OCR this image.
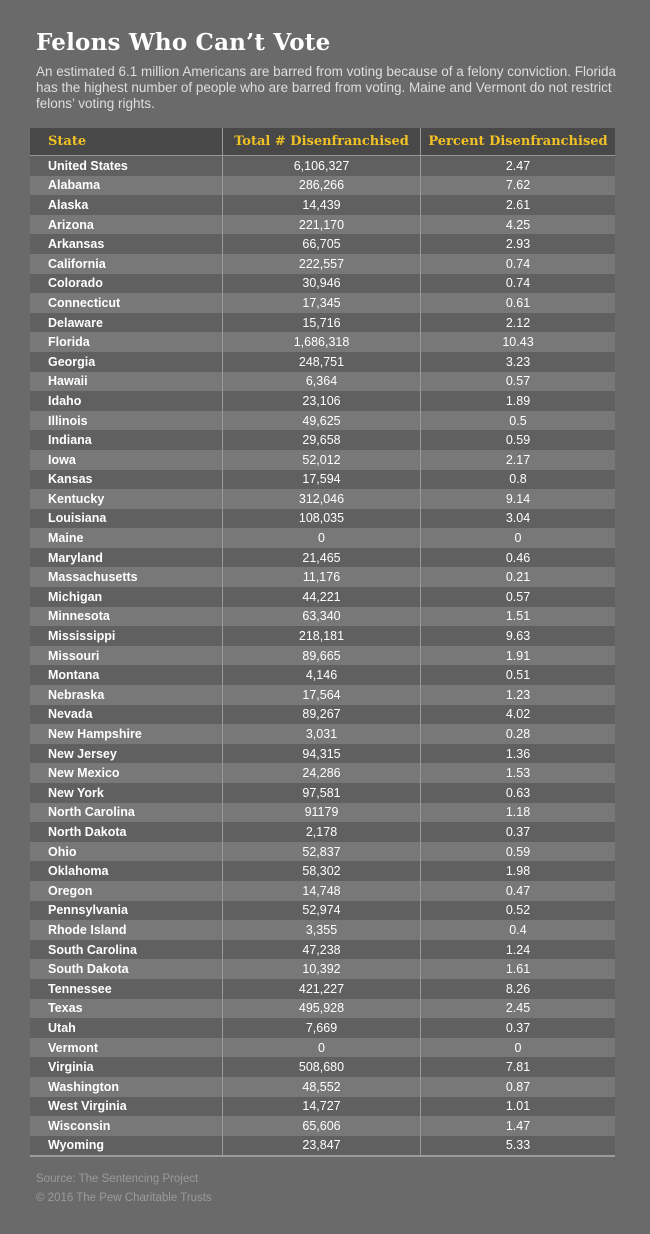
Felons Who Can’t Vote

An estimated 6.1 million Americans are barred from voting because of a felony conviction. Florida has the highest number of people who are barred from voting. Maine and Vermont do not restrict felons’ voting rights.

State	Total # Disenfranchised	Percent Disenfranchised
United States	6,106,327	2.47
Alabama	286,266	7.62
Alaska	14,439	2.61
Arizona	221,170	4.25
Arkansas	66,705	2.93
California	222,557	0.74
Colorado	30,946	0.74
Connecticut	17,345	0.61
Delaware	15,716	2.12
Florida	1,686,318	10.43
Georgia	248,751	3.23
Hawaii	6,364	0.57
Idaho	23,106	1.89
Illinois	49,625	0.5
Indiana	29,658	0.59
Iowa	52,012	2.17
Kansas	17,594	0.8
Kentucky	312,046	9.14
Louisiana	108,035	3.04
Maine	0	0
Maryland	21,465	0.46
Massachusetts	11,176	0.21
Michigan	44,221	0.57
Minnesota	63,340	1.51
Mississippi	218,181	9.63
Missouri	89,665	1.91
Montana	4,146	0.51
Nebraska	17,564	1.23
Nevada	89,267	4.02
New Hampshire	3,031	0.28
New Jersey	94,315	1.36
New Mexico	24,286	1.53
New York	97,581	0.63
North Carolina	91179	1.18
North Dakota	2,178	0.37
Ohio	52,837	0.59
Oklahoma	58,302	1.98
Oregon	14,748	0.47
Pennsylvania	52,974	0.52
Rhode Island	3,355	0.4
South Carolina	47,238	1.24
South Dakota	10,392	1.61
Tennessee	421,227	8.26
Texas	495,928	2.45
Utah	7,669	0.37
Vermont	0	0
Virginia	508,680	7.81
Washington	48,552	0.87
West Virginia	14,727	1.01
Wisconsin	65,606	1.47
Wyoming	23,847	5.33
Source: The Sentencing Project
© 2016 The Pew Charitable Trusts
